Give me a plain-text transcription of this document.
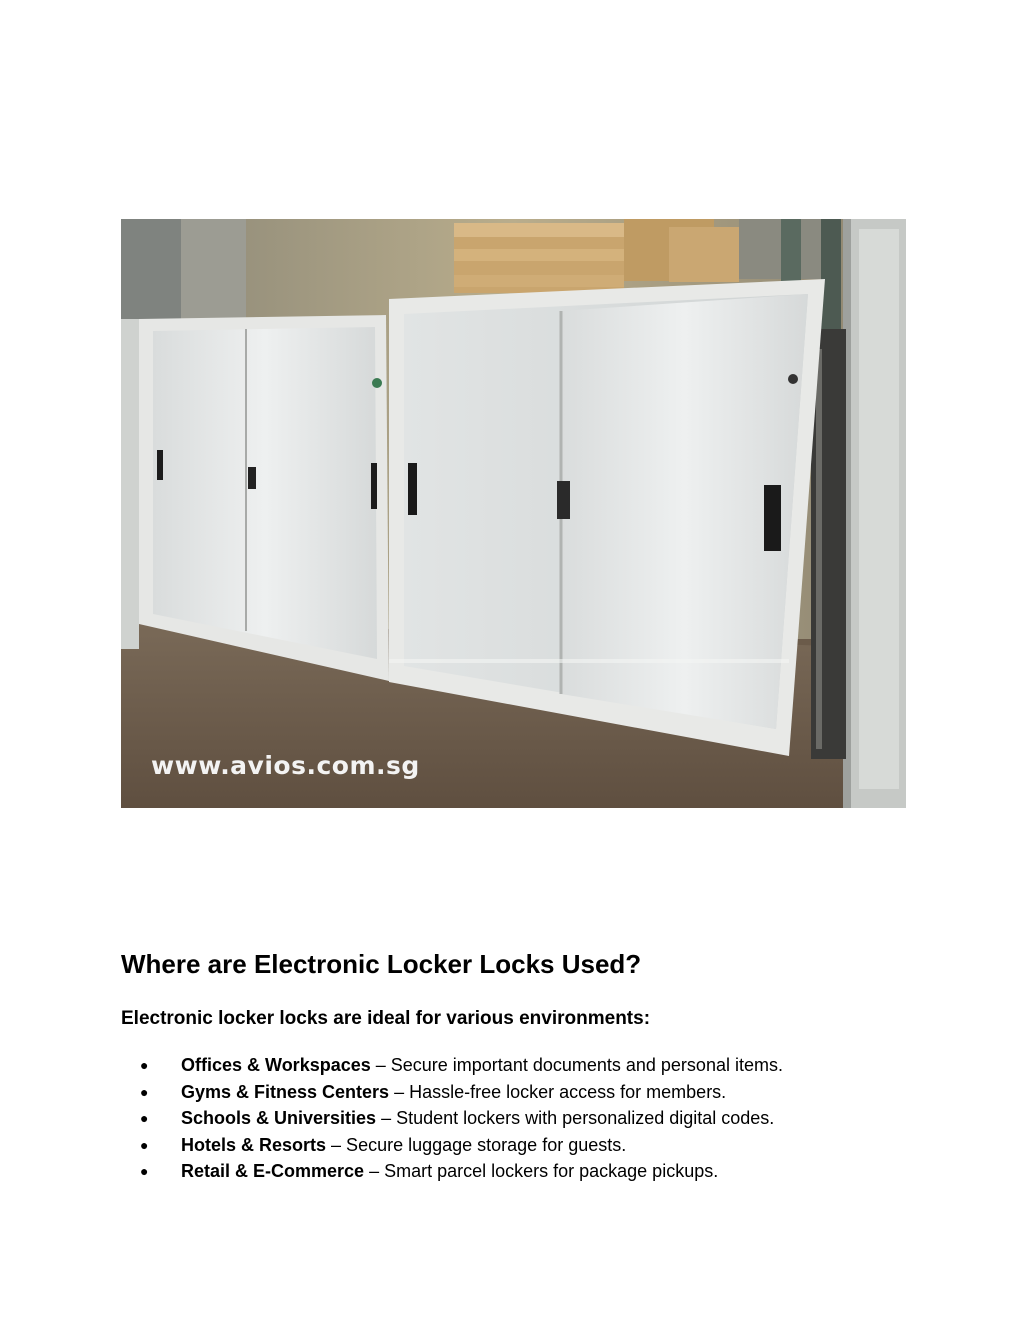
www.avios.com.sg
Where are Electronic Locker Locks Used?

Electronic locker locks are ideal for various environments:

● Offices & Workspaces – Secure important documents and personal items.
● Gyms & Fitness Centers – Hassle-free locker access for members.
● Schools & Universities – Student lockers with personalized digital codes.
● Hotels & Resorts – Secure luggage storage for guests.
● Retail & E-Commerce – Smart parcel lockers for package pickups.
